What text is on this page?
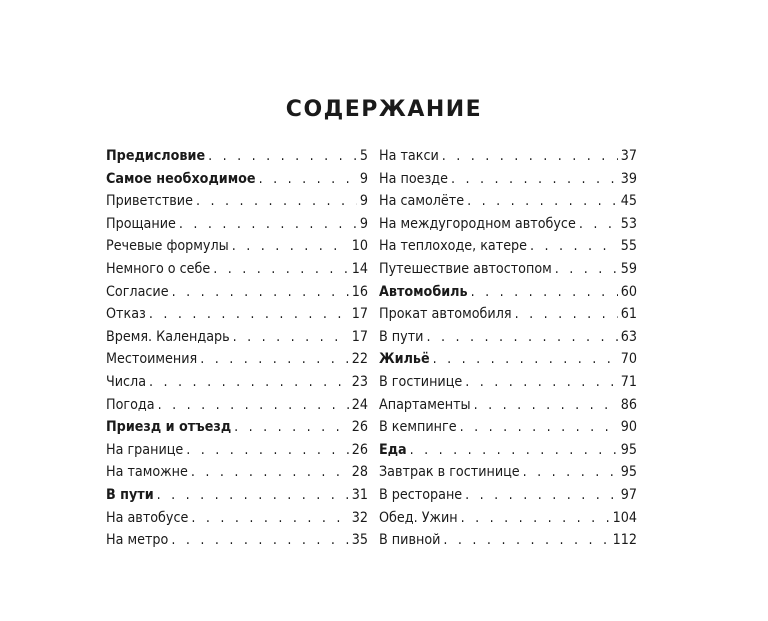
СОДЕРЖАНИЕ
Предисловие . . .	5
Самое необходимое . . .	9
Приветствие . . .	9
Прощание . . .	9
Речевые формулы . . .	10
Немного о себе . . .	14
Согласие . . .	16
Отказ . . .	17
Время. Календарь . . .	17
Местоимения . . .	22
Числа . . .	23
Погода . . .	24
Приезд и отъезд . . .	26
На границе . . .	26
На таможне . . .	28
В пути . . .	31
На автобусе . . .	32
На метро . . .	35
На такси . . .	37
На поезде . . .	39
На самолёте . . .	45
На междугородном автобусе . . .	53
На теплоходе, катере . . .	55
Путешествие автостопом . . .	59
Автомобиль . . .	60
Прокат автомобиля . . .	61
В пути . . .	63
Жильё . . .	70
В гостинице . . .	71
Апартаменты . . .	86
В кемпинге . . .	90
Еда . . .	95
Завтрак в гостинице . . .	95
В ресторане . . .	97
Обед. Ужин . . .	104
В пивной . . .	112
